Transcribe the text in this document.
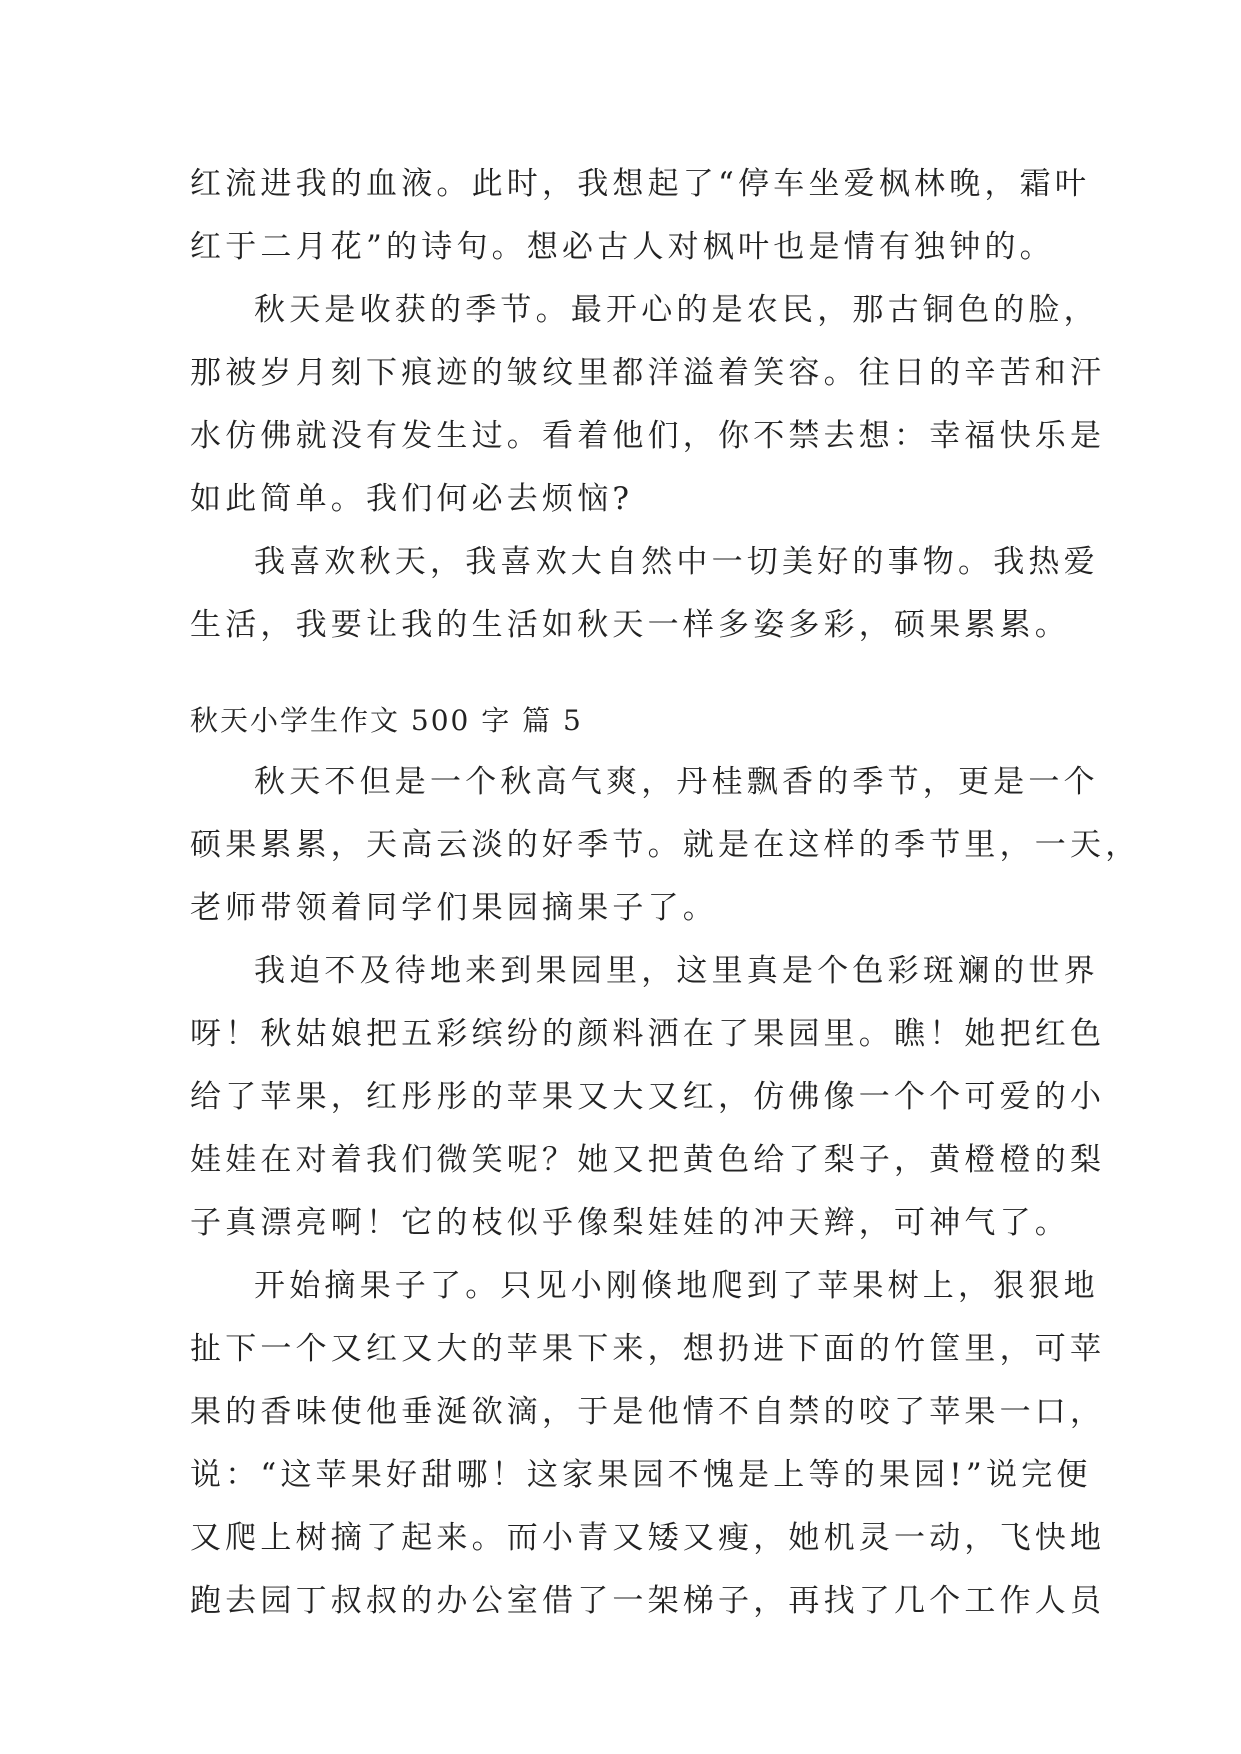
红流进我的血液。此时，我想起了“停车坐爱枫林晚，霜叶
红于二月花”的诗句。想必古人对枫叶也是情有独钟的。
秋天是收获的季节。最开心的是农民，那古铜色的脸，
那被岁月刻下痕迹的皱纹里都洋溢着笑容。往日的辛苦和汗
水仿佛就没有发生过。看着他们，你不禁去想：幸福快乐是
如此简单。我们何必去烦恼?
我喜欢秋天，我喜欢大自然中一切美好的事物。我热爱
生活，我要让我的生活如秋天一样多姿多彩，硕果累累。
秋天小学生作文 500 字 篇 5
秋天不但是一个秋高气爽，丹桂飘香的季节，更是一个
硕果累累，天高云淡的好季节。就是在这样的季节里，一天，
老师带领着同学们果园摘果子了。
我迫不及待地来到果园里，这里真是个色彩斑斓的世界
呀！秋姑娘把五彩缤纷的颜料洒在了果园里。瞧！她把红色
给了苹果，红彤彤的苹果又大又红，仿佛像一个个可爱的小
娃娃在对着我们微笑呢？她又把黄色给了梨子，黄橙橙的梨
子真漂亮啊！它的枝似乎像梨娃娃的冲天辫，可神气了。
开始摘果子了。只见小刚倏地爬到了苹果树上，狠狠地
扯下一个又红又大的苹果下来，想扔进下面的竹筐里，可苹
果的香味使他垂涎欲滴，于是他情不自禁的咬了苹果一口，
说：“这苹果好甜哪！这家果园不愧是上等的果园!”说完便
又爬上树摘了起来。而小青又矮又瘦，她机灵一动，飞快地
跑去园丁叔叔的办公室借了一架梯子，再找了几个工作人员
